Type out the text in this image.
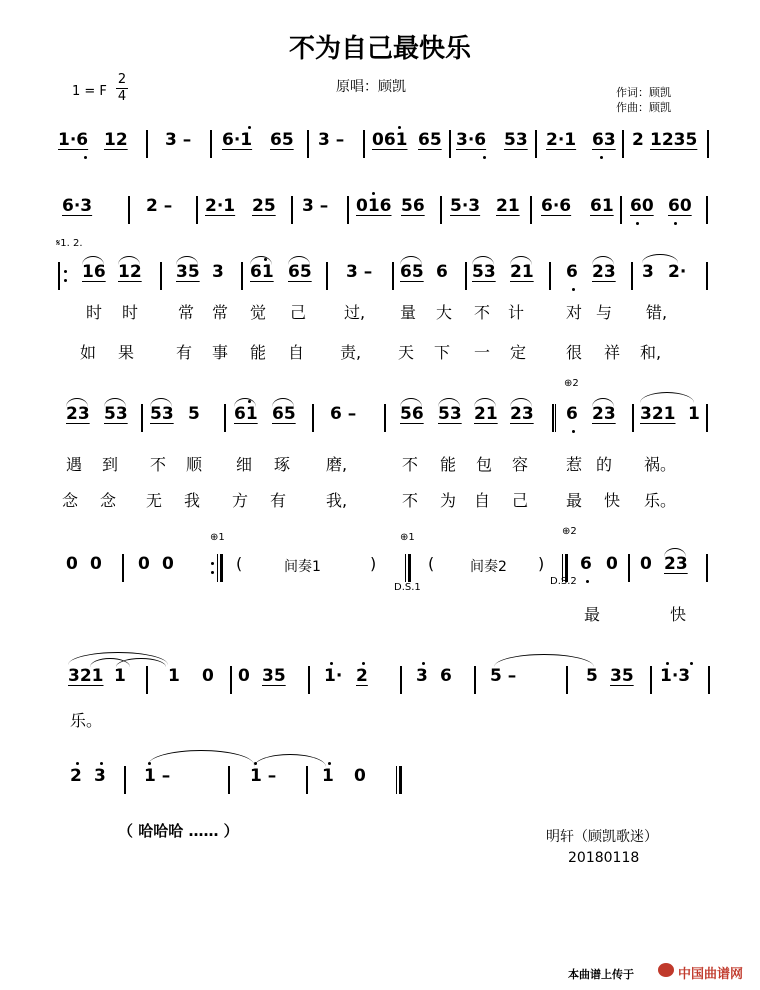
不为自己最快乐
1 = F $\frac{2}{4}$	原唱：顾凯	作词：顾凯
作曲：顾凯
1·6 12 3 – 6·1 65 3 – 061 65 3·6 53 2·1 63 2 1235
6·3	2 – 2·1 25 3 – 016 56 5·3 21 6·6 61 60 60
𝄋1. 2.
16 12 35 3 61 65 3 – 65 6 53 21 6 23 3 2·
时 时 常 常 觉 己 过, 量 大 不 计	对 与 错,
如 果	有 事 能 自 责, 天 下 一 定 很 祥 和,
⊕2
23 53 53 5 61 65 6 –	56 53 21 23 6 23 321 1
遇 到 不 顺 细 琢 磨,	不 能 包 容 惹 的 祸。
念 念 无 我 方 有 我,	不 为 自 己 最 快 乐。
⊕1	⊕1
⊕2
0 0 0 0	(	间奏1	)	(	间奏2 ) 6 0 0 23
D.S.1
D.S.2
最	快
321 1 1 0 0 35 1· 2	3 6 5 –	5 35 1·3
乐。
2 3 1 –	1 –	1 0
（ 哈哈哈 …… ）	明轩（顾凯歌迷）
20180118
本曲谱上传于	中国曲谱网
